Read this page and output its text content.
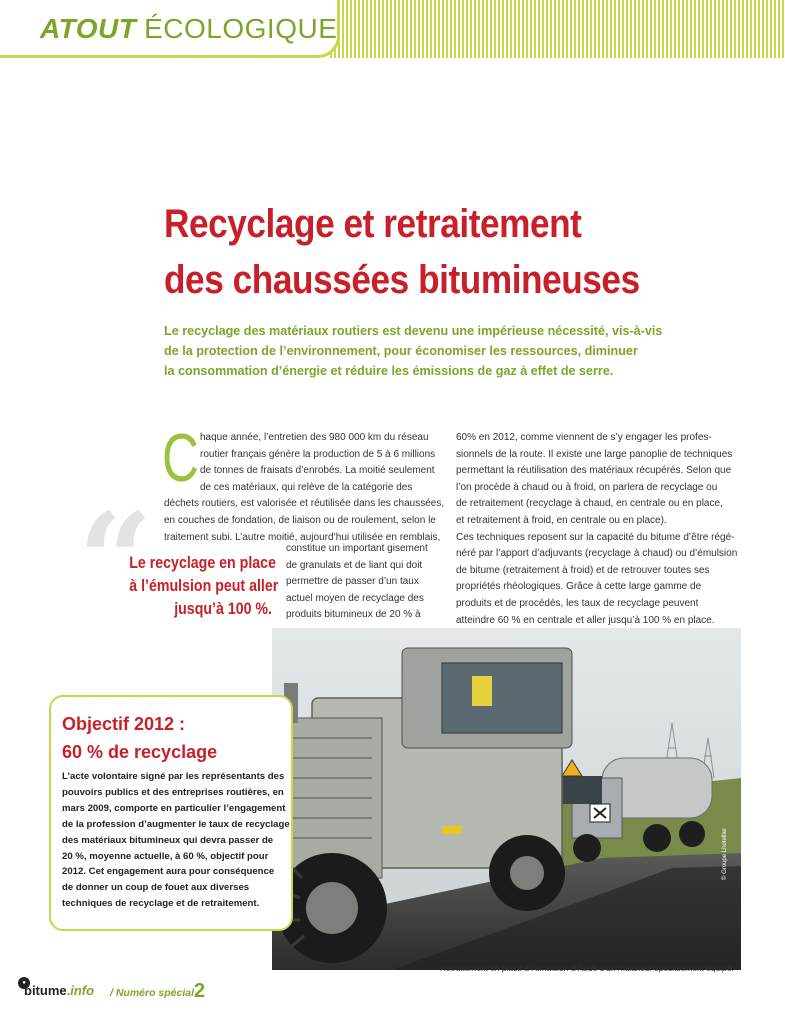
ATOUT ÉCOLOGIQUE
Recyclage et retraitement
des chaussées bitumineuses
Le recyclage des matériaux routiers est devenu une impérieuse nécessité, vis-à-vis
de la protection de l’environnement, pour économiser les ressources, diminuer
la consommation d’énergie et réduire les émissions de gaz à effet de serre.
C haque année, l’entretien des 980 000 km du réseau
routier français génère la production de 5 à 6 millions
de tonnes de fraisats d’enrobés. La moitié seulement
de ces matériaux, qui relève de la catégorie des
déchets routiers, est valorisée et réutilisée dans les chaussées,
en couches de fondation, de liaison ou de roulement, selon le
traitement subi. L’autre moitié, aujourd’hui utilisée en remblais,
constitue un important gisement
de granulats et de liant qui doit
permettre de passer d’un taux
actuel moyen de recyclage des
produits bitumineux de 20 % à
“
Le recyclage en place
à l’émulsion peut aller
jusqu’à 100 %.
60% en 2012, comme viennent de s’y engager les profes-
sionnels de la route. Il existe une large panoplie de techniques
permettant la réutilisation des matériaux récupérés. Selon que
l’on procède à chaud ou à froid, on parlera de recyclage ou
de retraitement (recyclage à chaud, en centrale ou en place,
et retraitement à froid, en centrale ou en place).
Ces techniques reposent sur la capacité du bitume d’être régé-
néré par l’apport d’adjuvants (recyclage à chaud) ou d’émulsion
de bitume (retraitement à froid) et de retrouver toutes ses
propriétés rhéologiques. Grâce à cette large gamme de
produits et de procédés, les taux de recyclage peuvent
atteindre 60 % en centrale et aller jusqu’à 100 % en place.
© Groupe Lhotellier
Retraitement en place à l’émulsion à l’aide d’un malaxeur spécialement équipé.
Objectif 2012 :
60 % de recyclage
L’acte volontaire signé par les représentants des
pouvoirs publics et des entreprises routières, en
mars 2009, comporte en particulier l’engagement
de la profession d’augmenter le taux de recyclage
des matériaux bitumineux qui devra passer de
20 %, moyenne actuelle, à 60 %, objectif pour
2012. Cet engagement aura pour conséquence
de donner un coup de fouet aux diverses
techniques de recyclage et de retraitement.
●
bitume.info / Numéro spécial 2
